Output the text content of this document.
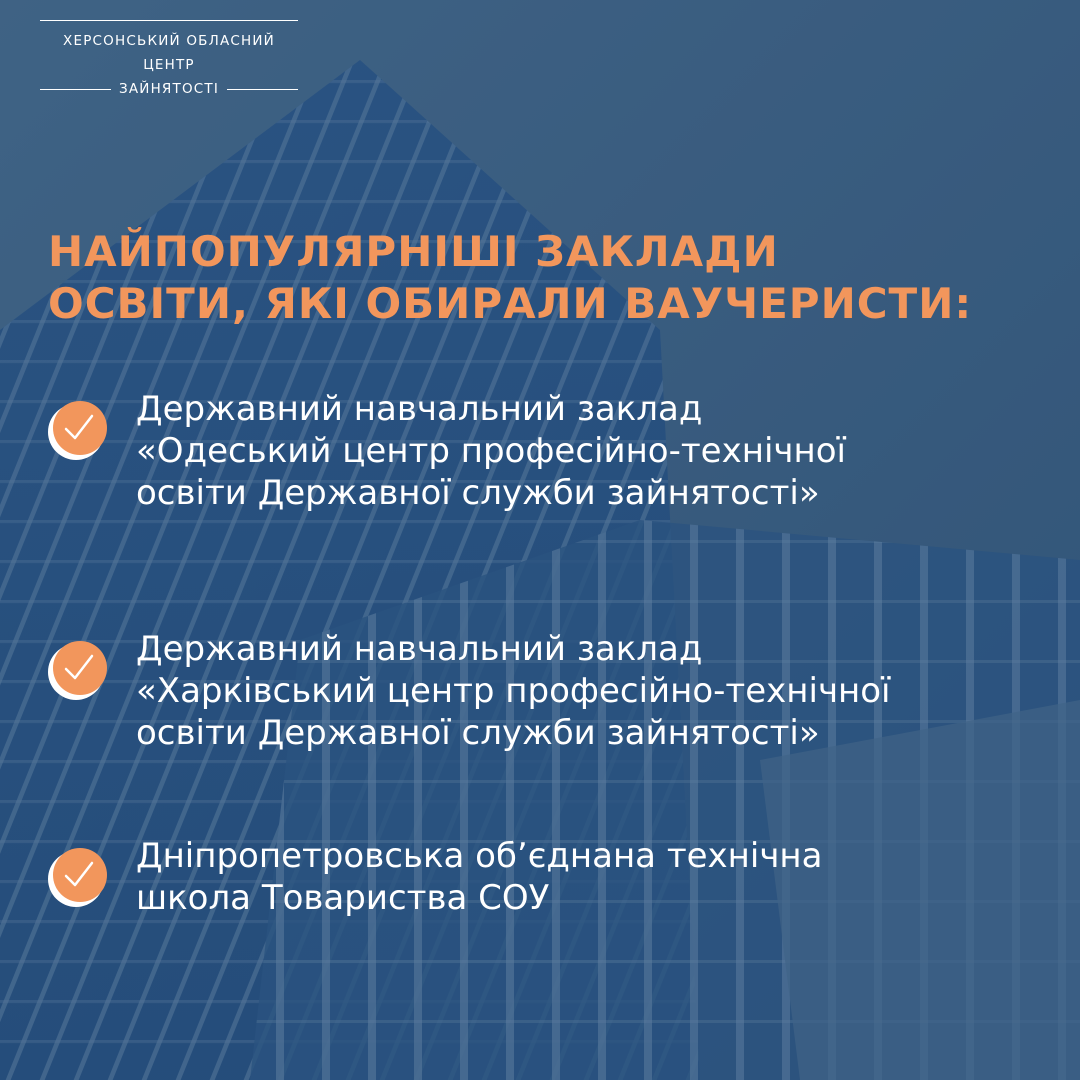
ХЕРСОНСЬКИЙ ОБЛАСНИЙ
ЦЕНТР
ЗАЙНЯТОСТІ
НАЙПОПУЛЯРНІШІ ЗАКЛАДИ
ОСВІТИ, ЯКІ ОБИРАЛИ ВАУЧЕРИСТИ:
Державний навчальний заклад
«Одеський центр професійно-технічної
освіти Державної служби зайнятості»
Державний навчальний заклад
«Харківський центр професійно-технічної
освіти Державної служби зайнятості»
Дніпропетровська об’єднана технічна
школа Товариства СОУ
